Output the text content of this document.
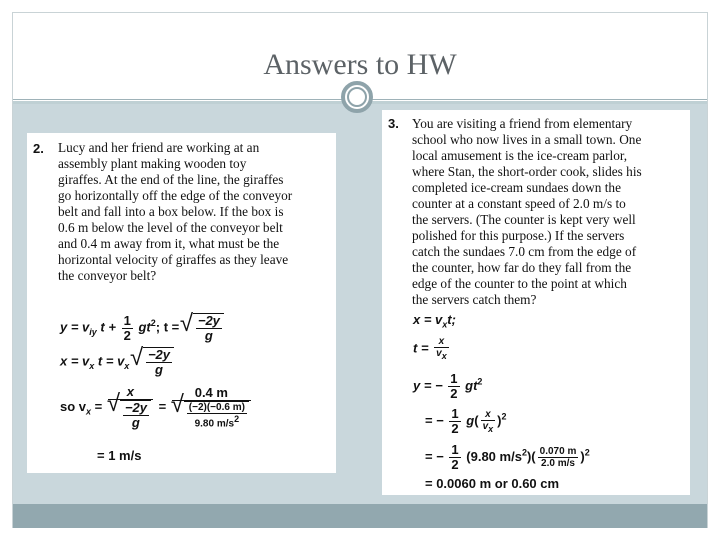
Answers to HW
2. Lucy and her friend are working at an
assembly plant making wooden toy
giraffes. At the end of the line, the giraffes
go horizontally off the edge of the conveyor
belt and fall into a box below. If the box is
0.6 m below the level of the conveyor belt
and 0.4 m away from it, what must be the
horizontal velocity of giraffes as they leave
the conveyor belt?
$y = v_{iy}$ $t + \frac{1}{2} gt^2$; t = √ $\frac{-2y}{g}$
$x = v_x$ $t = v_x$ √ $\frac{-2y}{g}$
so $v_x = x$
√ $\frac{-2y}{g} = 0.4$ m
√ $\frac{(-2)(-0.6 m)}{9.80 m/s^2}$
= 1 m/s
3. You are visiting a friend from elementary
school who now lives in a small town. One
local amusement is the ice-cream parlor,
where Stan, the short-order cook, slides his
completed ice-cream sundaes down the
counter at a constant speed of 2.0 m/s to
the servers. (The counter is kept very well
polished for this purpose.) If the servers
catch the sundaes 7.0 cm from the edge of
the counter, how far do they fall from the
edge of the counter to the point at which
the servers catch them?
$x = v_xt$;
$t = \frac{x}{v_x}$
y = − $\frac{1}{2} gt^2$
= − $\frac{1}{2} g( \frac{x}{v_x} )^2$
= − $\frac{1}{2} (9.80$ $m/s^2)( \frac{0.070 m}{2.0 m/s} )^2$
= 0.0060 m or 0.60 cm
